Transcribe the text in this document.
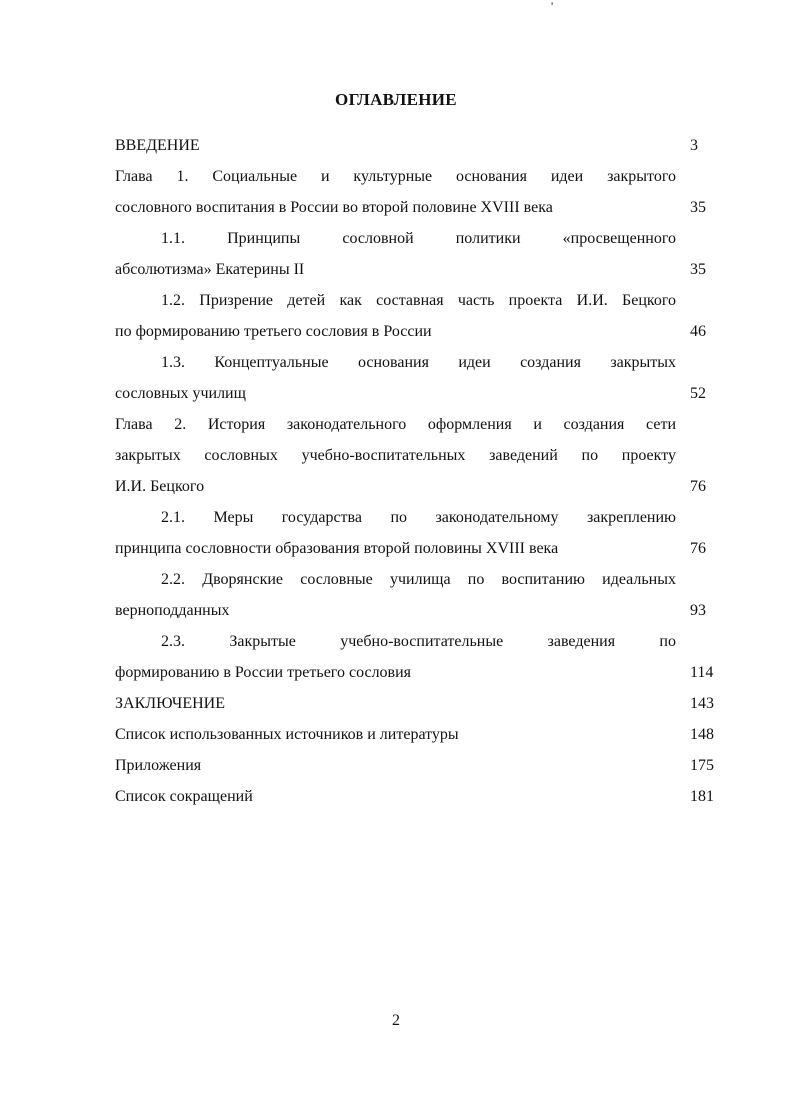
'
ОГЛАВЛЕНИЕ
ВВЕДЕНИЕ	3
Глава 1. Социальные и культурные основания идеи закрытого
сословного воспитания в России во второй половине XVIII века	35
1.1. Принципы сословной политики «просвещенного
абсолютизма» Екатерины II	35
1.2. Призрение детей как составная часть проекта И.И. Бецкого
по формированию третьего сословия в России	46
1.3. Концептуальные основания идеи создания закрытых
сословных училищ	52
Глава 2. История законодательного оформления и создания сети
закрытых сословных учебно-воспитательных заведений по проекту
И.И. Бецкого	76
2.1. Меры государства по законодательному закреплению
принципа сословности образования второй половины XVIII века	76
2.2. Дворянские сословные училища по воспитанию идеальных
верноподданных	93
2.3. Закрытые учебно-воспитательные заведения по
формированию в России третьего сословия	114
ЗАКЛЮЧЕНИЕ	143
Список использованных источников и литературы	148
Приложения	175
Список сокращений	181
2
